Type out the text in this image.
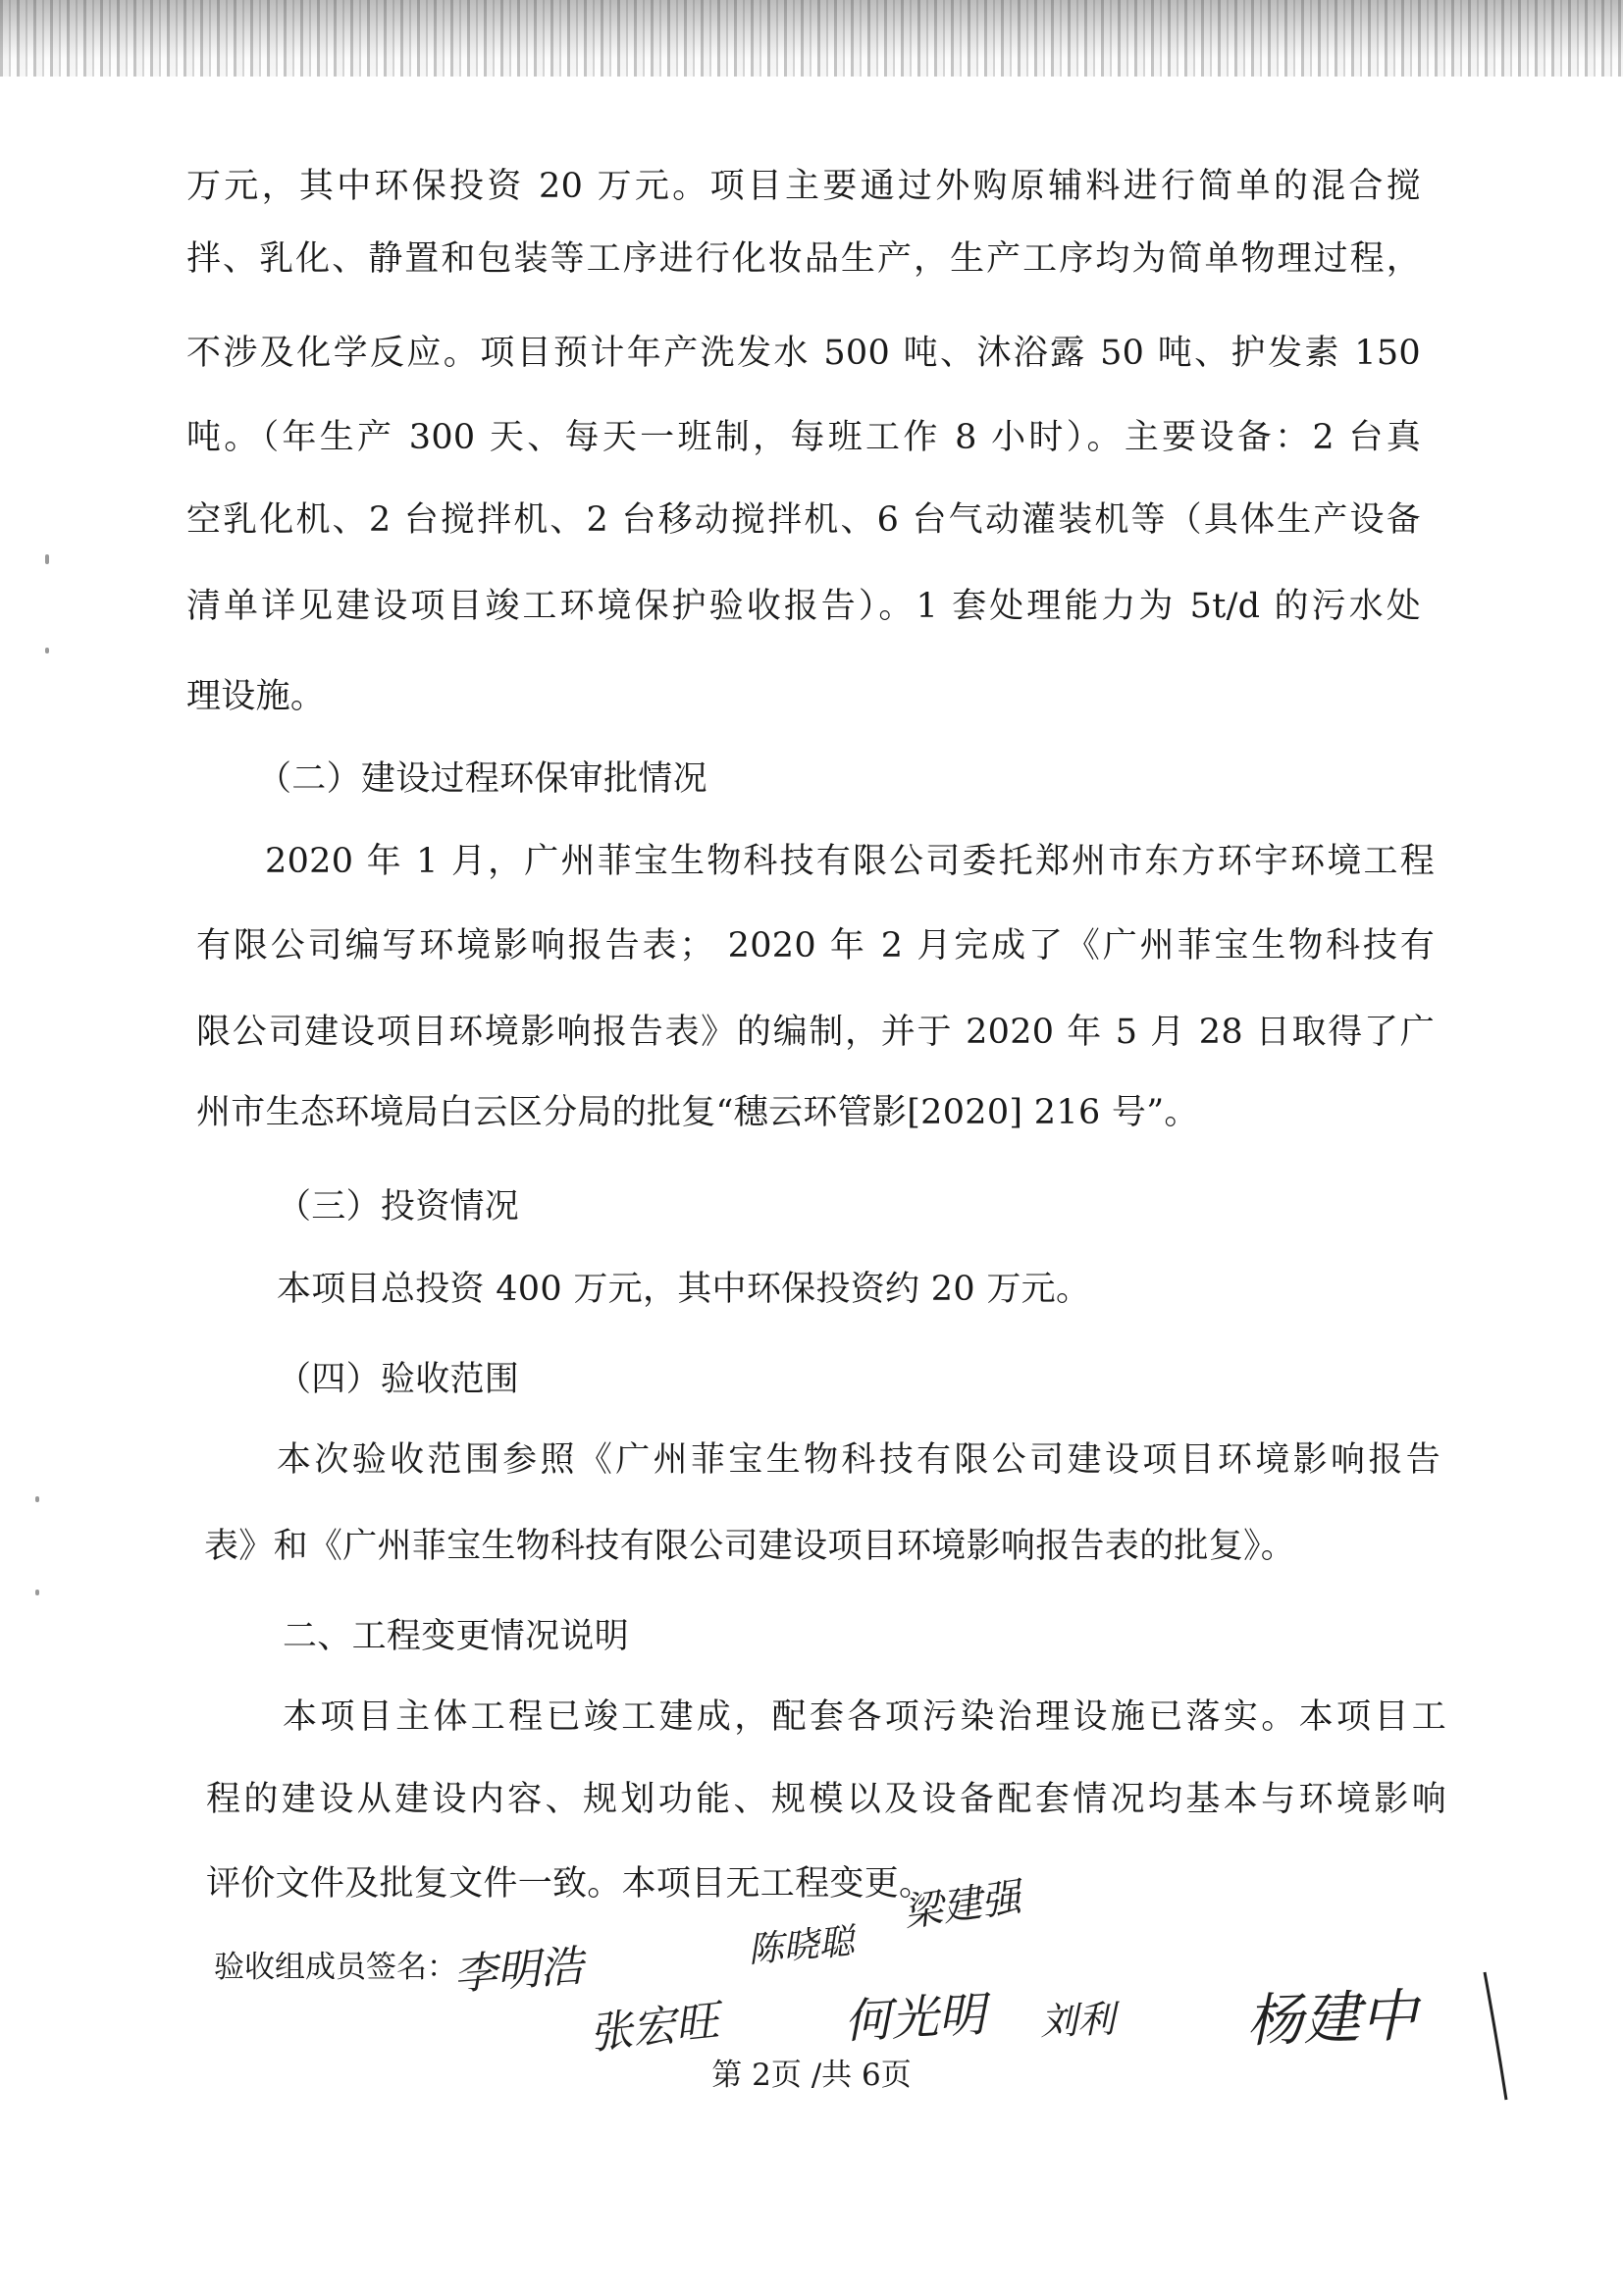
万元，其中环保投资 20 万元。项目主要通过外购原辅料进行简单的混合搅
拌、乳化、静置和包装等工序进行化妆品生产，生产工序均为简单物理过程，
不涉及化学反应。项目预计年产洗发水 500 吨、沐浴露 50 吨、护发素 150
吨。（年生产 300 天、每天一班制，每班工作 8 小时）。主要设备：2 台真
空乳化机、2 台搅拌机、2 台移动搅拌机、6 台气动灌装机等（具体生产设备
清单详见建设项目竣工环境保护验收报告）。1 套处理能力为 5t/d 的污水处
理设施。
（二）建设过程环保审批情况
2020 年 1 月，广州菲宝生物科技有限公司委托郑州市东方环宇环境工程
有限公司编写环境影响报告表； 2020 年 2 月完成了《广州菲宝生物科技有
限公司建设项目环境影响报告表》的编制，并于 2020 年 5 月 28 日取得了广
州市生态环境局白云区分局的批复“穗云环管影[2020] 216 号”。
（三）投资情况
本项目总投资 400 万元，其中环保投资约 20 万元。
（四）验收范围
本次验收范围参照《广州菲宝生物科技有限公司建设项目环境影响报告
表》和《广州菲宝生物科技有限公司建设项目环境影响报告表的批复》。
二、工程变更情况说明
本项目主体工程已竣工建成，配套各项污染治理设施已落实。本项目工
程的建设从建设内容、规划功能、规模以及设备配套情况均基本与环境影响
评价文件及批复文件一致。本项目无工程变更。
验收组成员签名：
李明浩
张宏旺
陈晓聪
梁建强
何光明 刘利 杨建中
第 2页 /共 6页
